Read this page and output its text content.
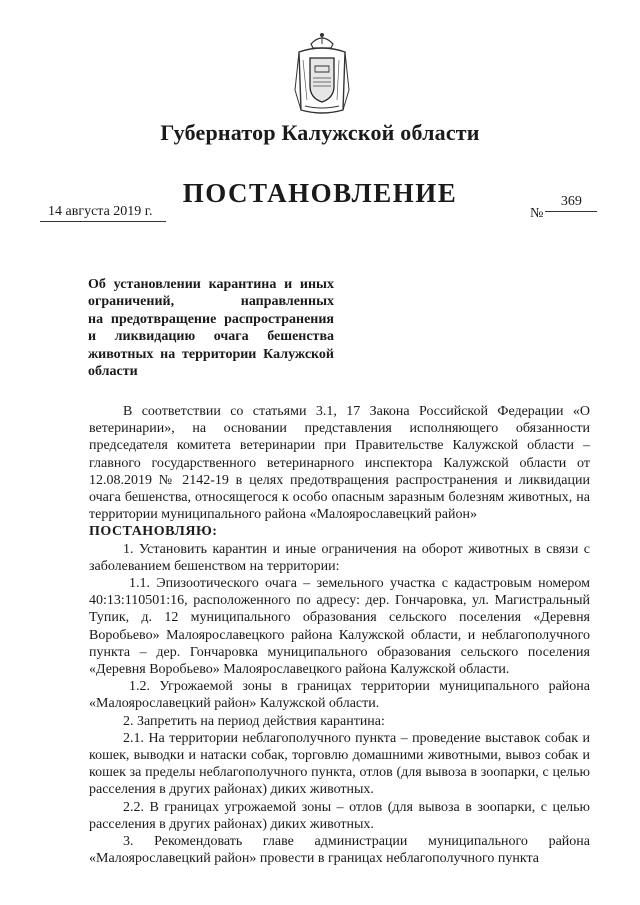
Губернатор Калужской области
ПОСТАНОВЛЕНИЕ
14 августа 2019 г.	№369
Об установлении карантина и иных
ограничений, направленных
на предотвращение распространения
и ликвидацию очага бешенства
животных на территории Калужской
области

В соответствии со статьями 3.1, 17 Закона Российской Федерации «О ветеринарии», на основании представления исполняющего обязанности председателя комитета ветеринарии при Правительстве Калужской области – главного государственного ветеринарного инспектора Калужской области от 12.08.2019 № 2142-19 в целях предотвращения распространения и ликвидации очага бешенства, относящегося к особо опасным заразным болезням животных, на территории муниципального района «Малоярославецкий район»

ПОСТАНОВЛЯЮ:

1. Установить карантин и иные ограничения на оборот животных в связи с заболеванием бешенством на территории:

1.1. Эпизоотического очага – земельного участка с кадастровым номером 40:13:110501:16, расположенного по адресу: дер. Гончаровка, ул. Магистральный Тупик, д. 12 муниципального образования сельского поселения «Деревня Воробьево» Малоярославецкого района Калужской области, и неблагополучного пункта – дер. Гончаровка муниципального образования сельского поселения «Деревня Воробьево» Малоярославецкого района Калужской области.

1.2. Угрожаемой зоны в границах территории муниципального района «Малоярославецкий район» Калужской области.

2. Запретить на период действия карантина:

2.1. На территории неблагополучного пункта – проведение выставок собак и кошек, выводки и натаски собак, торговлю домашними животными, вывоз собак и кошек за пределы неблагополучного пункта, отлов (для вывоза в зоопарки, с целью расселения в других районах) диких животных.

2.2. В границах угрожаемой зоны – отлов (для вывоза в зоопарки, с целью расселения в других районах) диких животных.

3. Рекомендовать главе администрации муниципального района «Малоярославецкий район» провести в границах неблагополучного пункта
